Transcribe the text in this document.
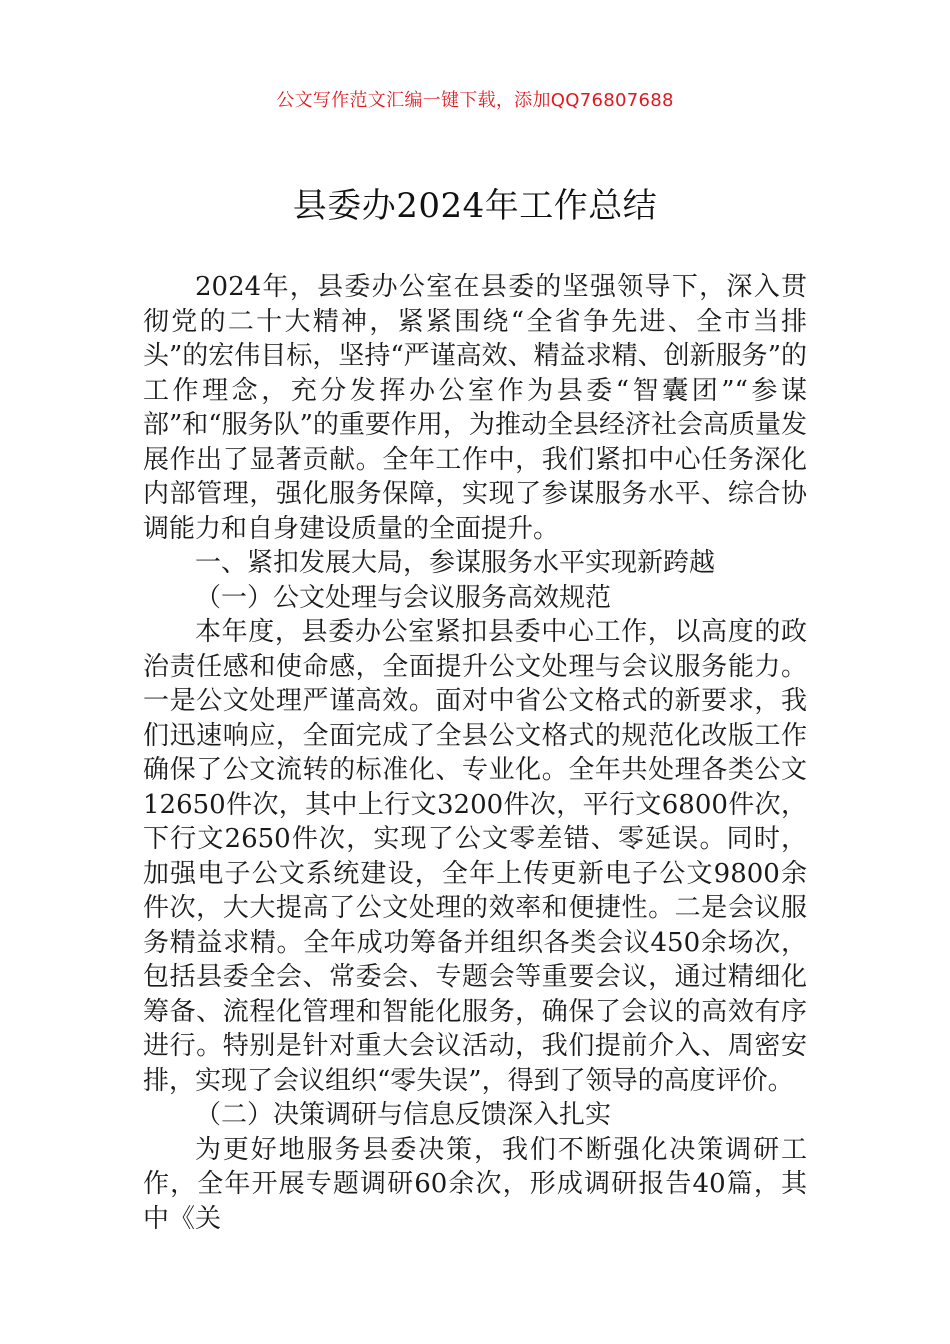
公文写作范文汇编一键下载，添加QQ76807688
县委办2024年工作总结

2024年，县委办公室在县委的坚强领导下，深入贯彻党的二十大精神，紧紧围绕“全省争先进、全市当排头”的宏伟目标，坚持“严谨高效、精益求精、创新服务”的工作理念，充分发挥办公室作为县委“智囊团”“参谋部”和“服务队”的重要作用，为推动全县经济社会高质量发展作出了显著贡献。全年工作中，我们紧扣中心任务深化内部管理，强化服务保障，实现了参谋服务水平、综合协调能力和自身建设质量的全面提升。

一、紧扣发展大局，参谋服务水平实现新跨越

（一）公文处理与会议服务高效规范

本年度，县委办公室紧扣县委中心工作，以高度的政治责任感和使命感，全面提升公文处理与会议服务能力。一是公文处理严谨高效。面对中省公文格式的新要求，我们迅速响应，全面完成了全县公文格式的规范化改版工作确保了公文流转的标准化、专业化。全年共处理各类公文12650件次，其中上行文3200件次，平行文6800件次，下行文2650件次，实现了公文零差错、零延误。同时，加强电子公文系统建设，全年上传更新电子公文9800余件次，大大提高了公文处理的效率和便捷性。二是会议服务精益求精。全年成功筹备并组织各类会议450余场次，包括县委全会、常委会、专题会等重要会议，通过精细化筹备、流程化管理和智能化服务，确保了会议的高效有序进行。特别是针对重大会议活动，我们提前介入、周密安排，实现了会议组织“零失误”，得到了领导的高度评价。

（二）决策调研与信息反馈深入扎实

为更好地服务县委决策，我们不断强化决策调研工作，全年开展专题调研60余次，形成调研报告40篇，其中《关
